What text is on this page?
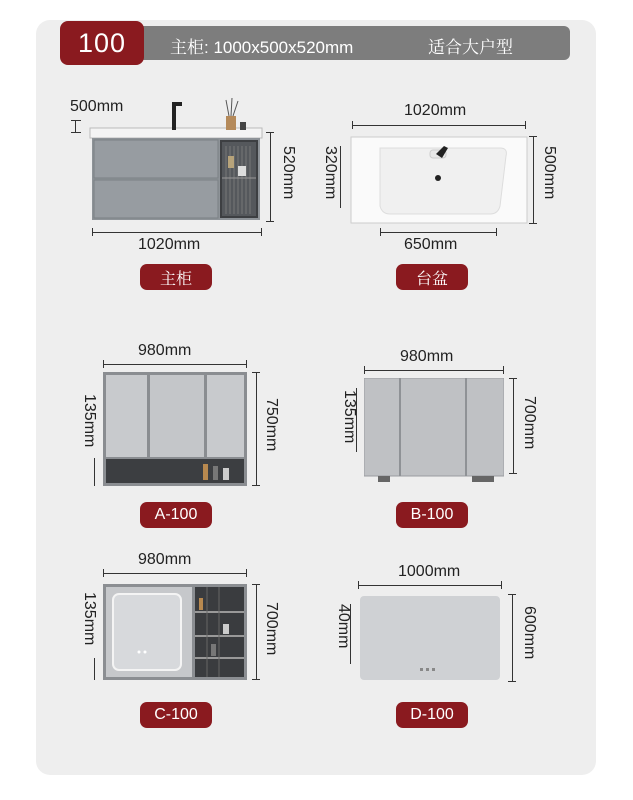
100	主柜: 1000x500x520mm	适合大户型
500mm
1020mm
520mm
主柜
1020mm
320mm	500mm
650mm
台盆
980mm
135mm	750mm
A-100
980mm
135mm	700mm
B-100
980mm
135mm	700mm
C-100
1000mm
40mm	600mm
D-100
